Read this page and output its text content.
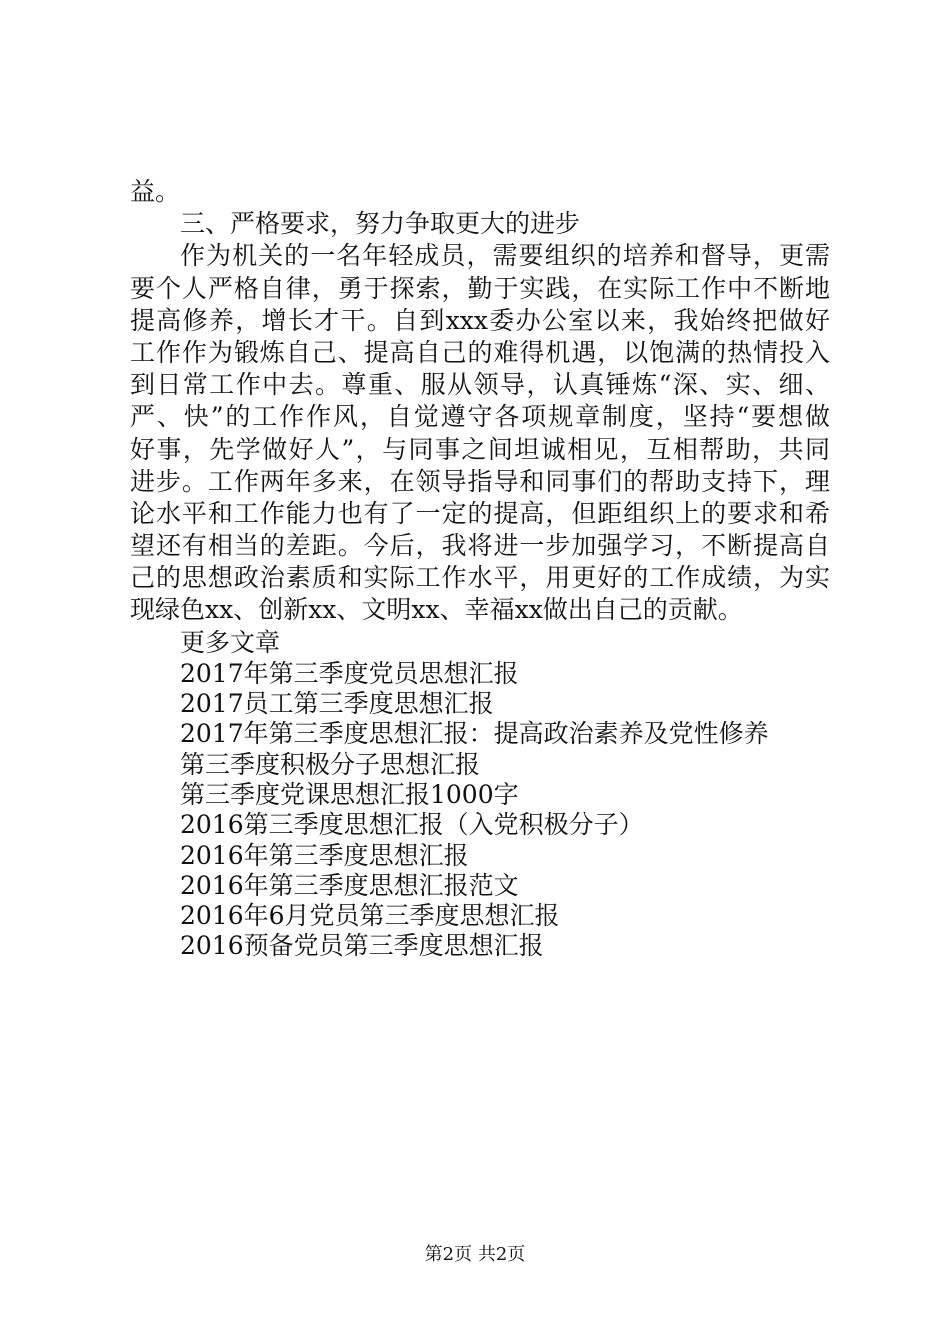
益。
三、严格要求，努力争取更大的进步
作为机关的一名年轻成员，需要组织的培养和督导，更需
要个人严格自律，勇于探索，勤于实践，在实际工作中不断地
提高修养，增长才干。自到xxx委办公室以来，我始终把做好
工作作为锻炼自己、提高自己的难得机遇，以饱满的热情投入
到日常工作中去。尊重、服从领导，认真锤炼“深、实、细、
严、快”的工作作风，自觉遵守各项规章制度，坚持“要想做
好事，先学做好人”，与同事之间坦诚相见，互相帮助，共同
进步。工作两年多来，在领导指导和同事们的帮助支持下，理
论水平和工作能力也有了一定的提高，但距组织上的要求和希
望还有相当的差距。今后，我将进一步加强学习，不断提高自
己的思想政治素质和实际工作水平，用更好的工作成绩，为实
现绿色xx、创新xx、文明xx、幸福xx做出自己的贡献。
更多文章
2017年第三季度党员思想汇报
2017员工第三季度思想汇报
2017年第三季度思想汇报：提高政治素养及党性修养
第三季度积极分子思想汇报
第三季度党课思想汇报1000字
2016第三季度思想汇报（入党积极分子）
2016年第三季度思想汇报
2016年第三季度思想汇报范文
2016年6月党员第三季度思想汇报
2016预备党员第三季度思想汇报
第2页 共2页
